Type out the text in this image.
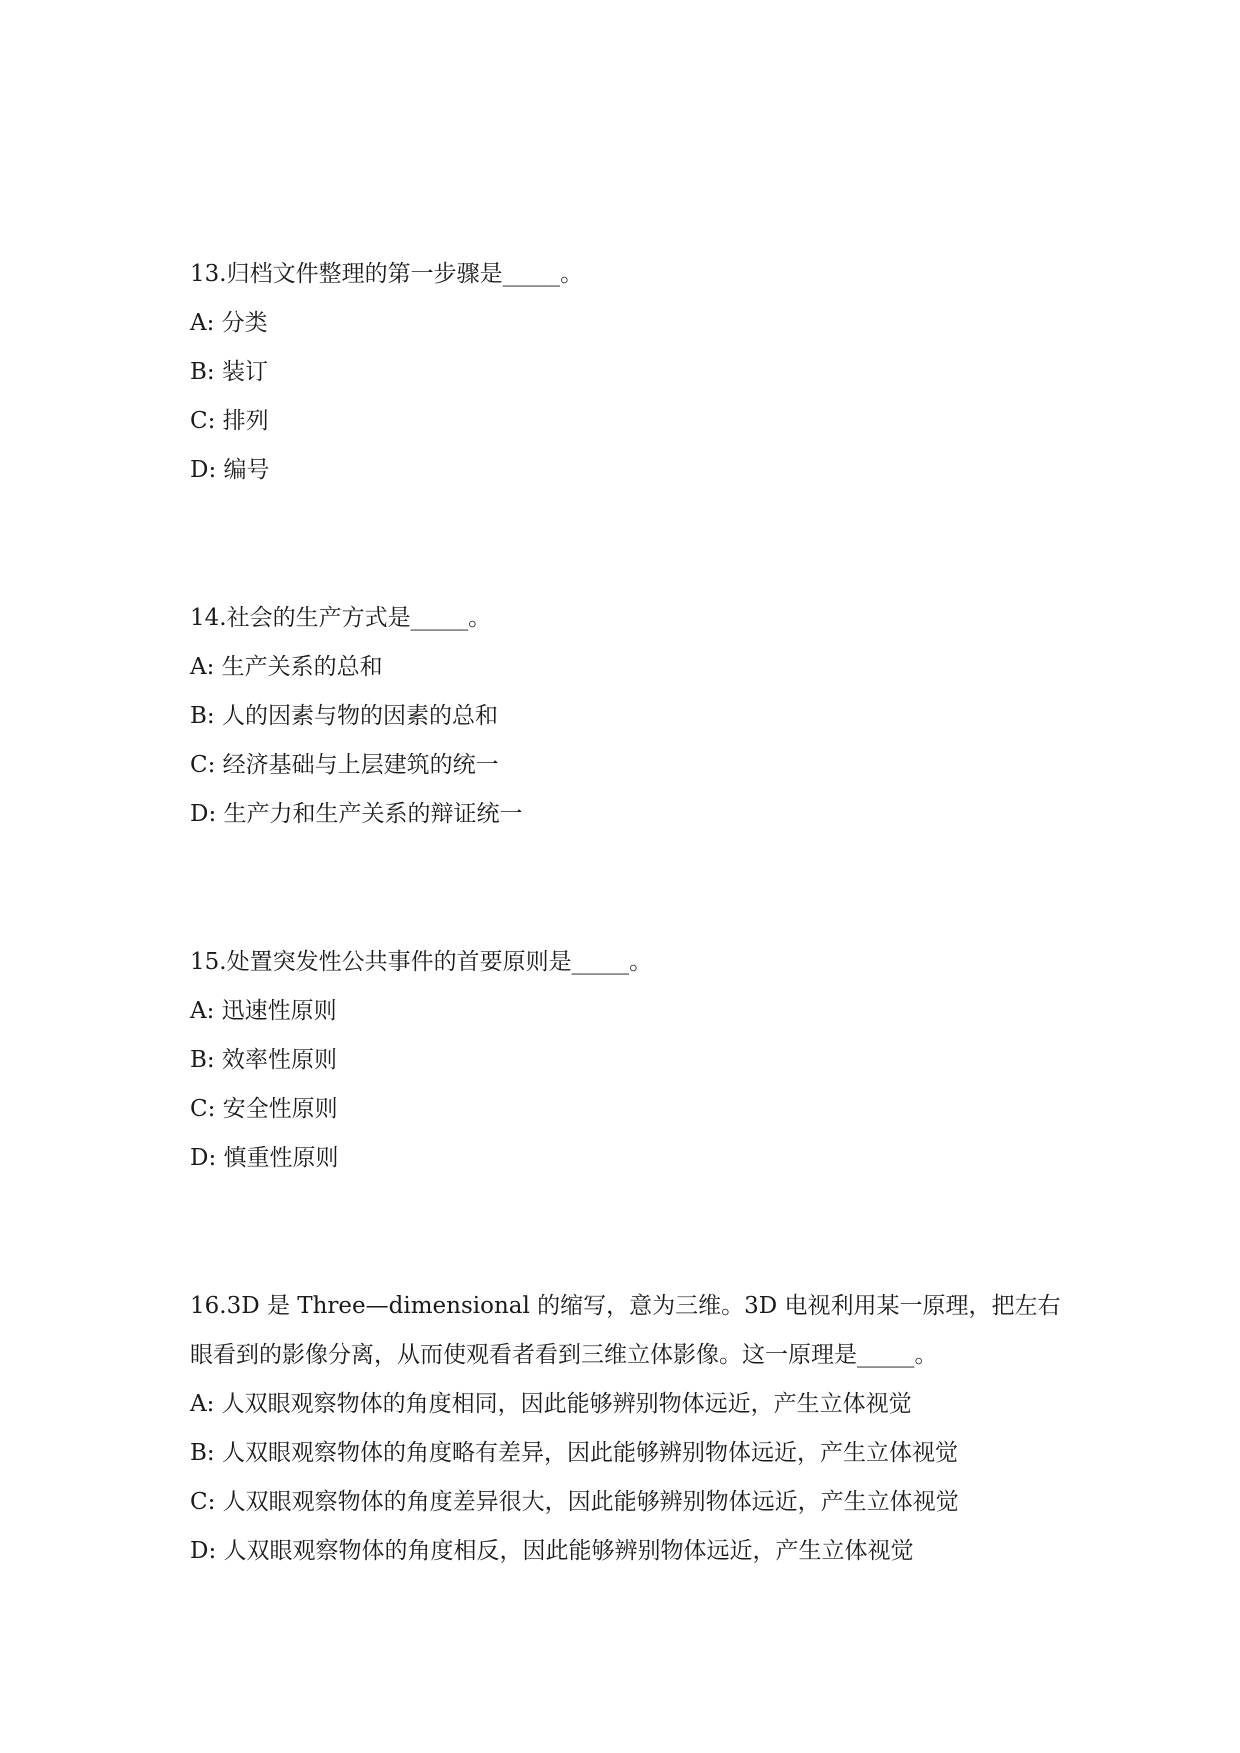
13.归档文件整理的第一步骤是_____。

A: 分类

B: 装订

C: 排列

D: 编号

14.社会的生产方式是_____。

A: 生产关系的总和

B: 人的因素与物的因素的总和

C: 经济基础与上层建筑的统一

D: 生产力和生产关系的辩证统一

15.处置突发性公共事件的首要原则是_____。

A: 迅速性原则

B: 效率性原则

C: 安全性原则

D: 慎重性原则

16.3D 是 Three—dimensional 的缩写，意为三维。3D 电视利用某一原理，把左右眼看到的影像分离，从而使观看者看到三维立体影像。这一原理是_____。

A: 人双眼观察物体的角度相同，因此能够辨别物体远近，产生立体视觉

B: 人双眼观察物体的角度略有差异，因此能够辨别物体远近，产生立体视觉

C: 人双眼观察物体的角度差异很大，因此能够辨别物体远近，产生立体视觉

D: 人双眼观察物体的角度相反，因此能够辨别物体远近，产生立体视觉
